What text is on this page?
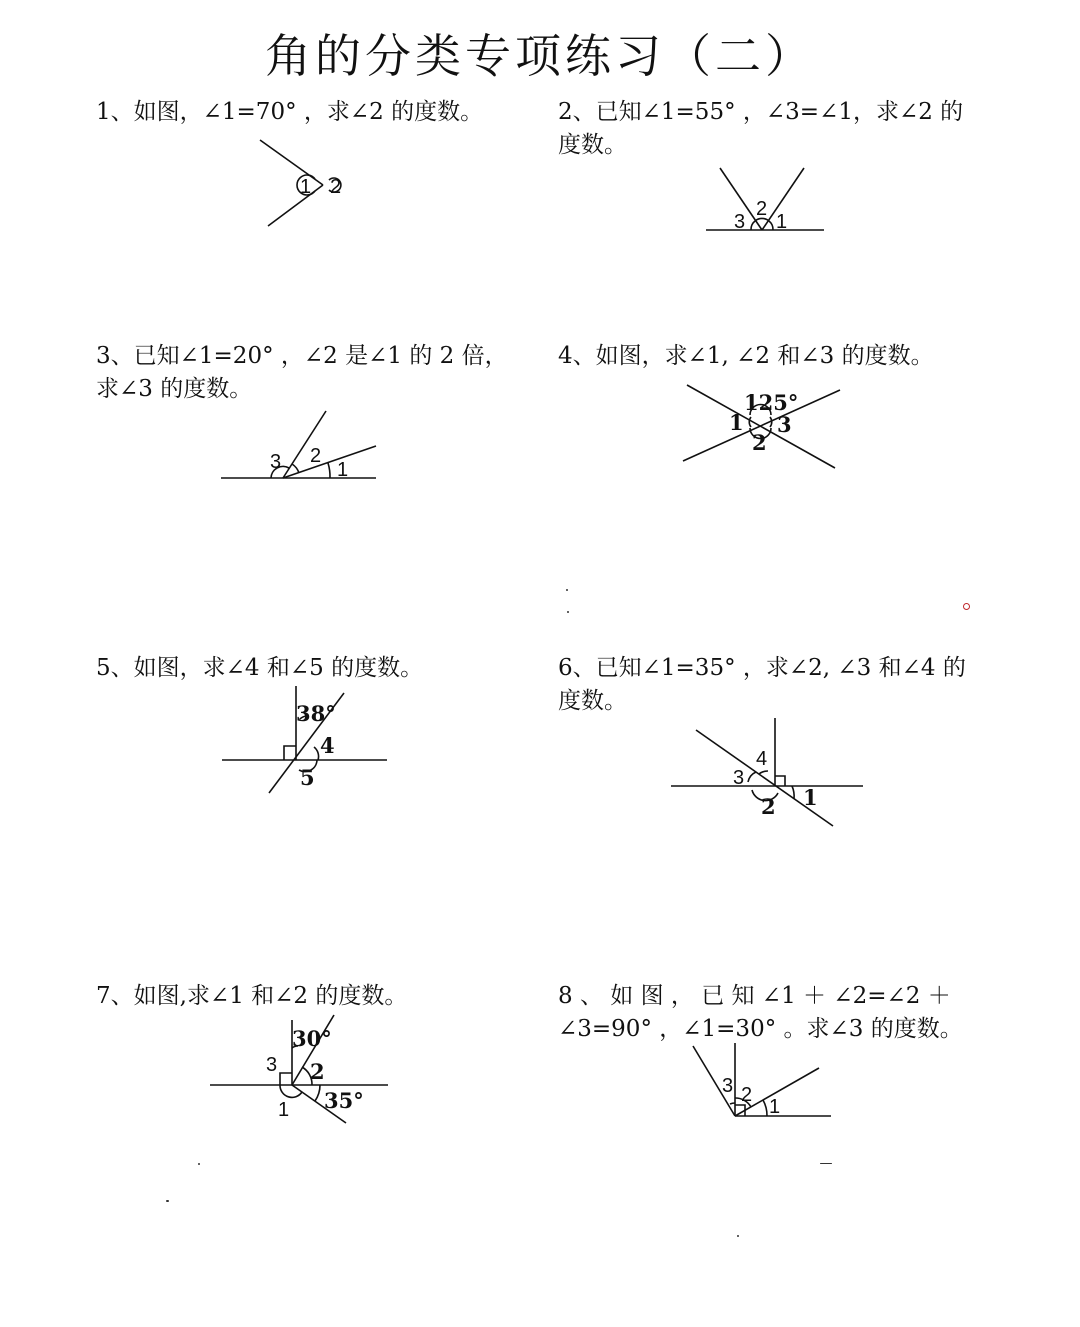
角的分类专项练习（二）
1、如图，∠1=70° ，求∠2 的度数。
1 2
2、已知∠1=55° ，∠3=∠1，求∠2 的度数。
3
2
1
3、已知∠1=20° ，∠2 是∠1 的 2 倍，求∠3 的度数。
3 2
1
4、如图，求∠1, ∠2 和∠3 的度数。
125°
1 3
2
5、如图，求∠4 和∠5 的度数。
38°
4
5
6、已知∠1=35° ，求∠2, ∠3 和∠4 的度数。
4
3
2 1
7、如图,求∠1 和∠2 的度数。
30°
3 2
1 35°
8 、 如 图 ， 已 知 ∠1 ＋ ∠2=∠2 ＋ ∠3=90° ，∠1=30° 。求∠3 的度数。
3 2
1
